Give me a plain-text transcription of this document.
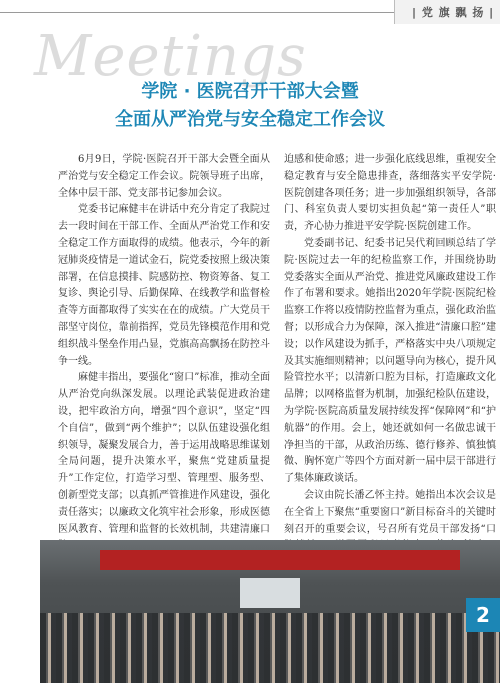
| 党 旗 飘 扬 |
Meetings
学院 · 医院召开干部大会暨
全面从严治党与安全稳定工作会议

6月9日，学院·医院召开干部大会暨全面从严治党与安全稳定工作会议。院领导班子出席，全体中层干部、党支部书记参加会议。

党委书记麻健丰在讲话中充分肯定了我院过去一段时间在干部工作、全面从严治党工作和安全稳定工作方面取得的成绩。他表示，今年的新冠肺炎疫情是一道试金石，院党委按照上级决策部署，在信息摸排、院感防控、物资筹备、复工复诊、舆论引导、后勤保障、在线教学和监督检查等方面都取得了实实在在的成绩。广大党员干部坚守岗位，靠前指挥，党员先锋模范作用和党组织战斗堡垒作用凸显，党旗高高飘扬在防控斗争一线。

麻健丰指出，要强化“窗口”标准，推动全面从严治党向纵深发展。以理论武装促进政治建设，把牢政治方向，增强“四个意识”，坚定“四个自信”，做到“两个维护”；以队伍建设强化组织领导，凝聚发展合力，善于运用战略思维谋划全局问题，提升决策水平，聚焦“党建质量提升”工作定位，打造学习型、管理型、服务型、创新型党支部；以真抓严管推进作风建设，强化责任落实；以廉政文化筑牢社会形象，形成医德医风教育、管理和监督的长效机制，共建清廉口

迫感和使命感；进一步强化底线思维，重视安全稳定教育与安全隐患排查，落细落实平安学院·医院创建各项任务；进一步加强组织领导，各部门、科室负责人要切实担负起“第一责任人”职责，齐心协力推进平安学院·医院创建工作。

党委副书记、纪委书记吴代莉回顾总结了学院·医院过去一年的纪检监察工作，并围绕协助党委落实全面从严治党、推进党风廉政建设工作作了布署和要求。她指出2020年学院·医院纪检监察工作将以疫情防控监督为重点，强化政治监督；以形成合力为保障，深入推进“清廉口腔”建设；以作风建设为抓手，严格落实中央八项规定及其实施细则精神；以问题导向为核心，提升风险管控水平；以清新口腔为目标，打造廉政文化品牌；以网格监督为机制，加强纪检队伍建设，为学院·医院高质量发展持续发挥“保障网”和“护航器”的作用。会上，她还就如何一名做忠诚干净担当的干部，从政治历练、德行修养、慎独慎微、胸怀宽广等四个方面对新一届中层干部进行了集体廉政谈话。

会议由院长潘乙怀主持。她指出本次会议是在全省上下聚焦“重要窗口”新目标奋斗的关键时刻召开的重要会议，号召所有党员干部发扬“口

2
